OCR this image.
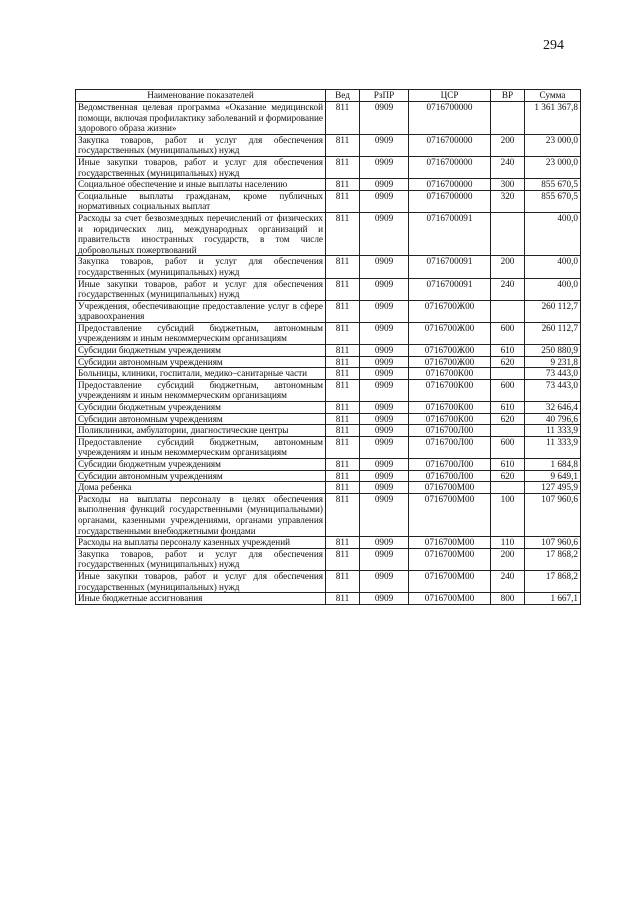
294
Наименование показателей	Вед	РзПР	ЦСР	ВР	Сумма
Ведомственная целевая программа «Оказание медицинской помощи, включая профилактику заболеваний и формирование здорового образа жизни»	811	0909	0716700000		1 361 367,8
Закупка товаров, работ и услуг для обеспечения государственных (муниципальных) нужд	811	0909	0716700000	200	23 000,0
Иные закупки товаров, работ и услуг для обеспечения государственных (муниципальных) нужд	811	0909	0716700000	240	23 000,0
Социальное обеспечение и иные выплаты населению	811	0909	0716700000	300	855 670,5
Социальные выплаты гражданам, кроме публичных нормативных социальных выплат	811	0909	0716700000	320	855 670,5
Расходы за счет безвозмездных перечислений от физических и юридических лиц, международных организаций и правительств иностранных государств, в том числе добровольных пожертвований	811	0909	0716700091		400,0
Закупка товаров, работ и услуг для обеспечения государственных (муниципальных) нужд	811	0909	0716700091	200	400,0
Иные закупки товаров, работ и услуг для обеспечения государственных (муниципальных) нужд	811	0909	0716700091	240	400,0
Учреждения, обеспечивающие предоставление услуг в сфере здравоохранения	811	0909	0716700Ж00		260 112,7
Предоставление субсидий бюджетным, автономным учреждениям и иным некоммерческим организациям	811	0909	0716700Ж00	600	260 112,7
Субсидии бюджетным учреждениям	811	0909	0716700Ж00	610	250 880,9
Субсидии автономным учреждениям	811	0909	0716700Ж00	620	9 231,8
Больницы, клиники, госпитали, медико–санитарные части	811	0909	0716700К00		73 443,0
Предоставление субсидий бюджетным, автономным учреждениям и иным некоммерческим организациям	811	0909	0716700К00	600	73 443,0
Субсидии бюджетным учреждениям	811	0909	0716700К00	610	32 646,4
Субсидии автономным учреждениям	811	0909	0716700К00	620	40 796,6
Поликлиники, амбулатории, диагностические центры	811	0909	0716700Л00		11 333,9
Предоставление субсидий бюджетным, автономным учреждениям и иным некоммерческим организациям	811	0909	0716700Л00	600	11 333,9
Субсидии бюджетным учреждениям	811	0909	0716700Л00	610	1 684,8
Субсидии автономным учреждениям	811	0909	0716700Л00	620	9 649,1
Дома ребенка	811	0909	0716700М00		127 495,9
Расходы на выплаты персоналу в целях обеспечения выполнения функций государственными (муниципальными) органами, казенными учреждениями, органами управления государственными внебюджетными фондами	811	0909	0716700М00	100	107 960,6
Расходы на выплаты персоналу казенных учреждений	811	0909	0716700М00	110	107 960,6
Закупка товаров, работ и услуг для обеспечения государственных (муниципальных) нужд	811	0909	0716700М00	200	17 868,2
Иные закупки товаров, работ и услуг для обеспечения государственных (муниципальных) нужд	811	0909	0716700М00	240	17 868,2
Иные бюджетные ассигнования	811	0909	0716700М00	800	1 667,1
